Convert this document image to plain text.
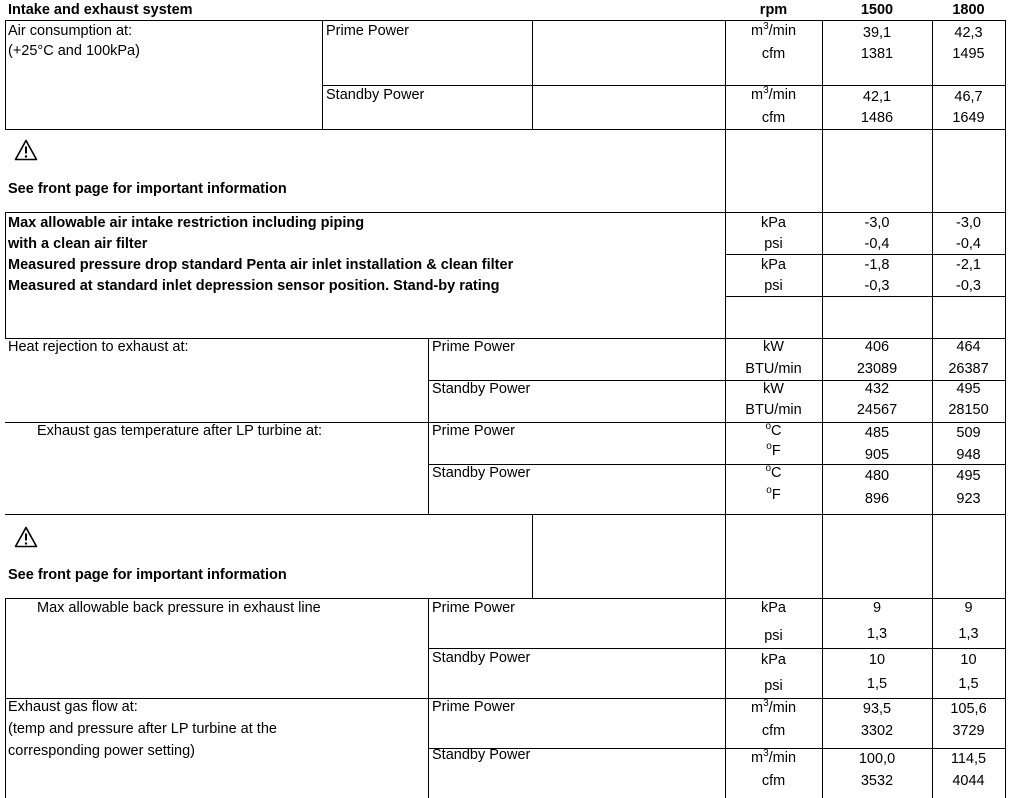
Intake and exhaust system	rpm	1500	1800
Air consumption at:
(+25°C and 100kPa)
Prime Power	$m^3/\min$	39,1	42,3
cfm	1381	1495
Standby Power	$m^3/\min$	42,1	46,7
cfm	1486	1649
See front page for important information
Max allowable air intake restriction including piping
with a clean air filter
kPa	-3,0	-3,0
psi	-0,4	-0,4
Measured pressure drop standard Penta air inlet installation & clean filter
Measured at standard inlet depression sensor position. Stand-by rating
kPa	-1,8	-2,1
psi	-0,3	-0,3
Heat rejection to exhaust at:	Prime Power	kW	406	464
BTU/min	23089	26387
Standby Power	kW	432	495
BTU/min	24567	28150
Exhaust gas temperature after LP turbine at:	Prime Power	$^o$C	485	509
$^o$F	905	948
Standby Power	$^o$C	480	495
$^o$F	896	923
See front page for important information
Max allowable back pressure in exhaust line	Prime Power	kPa	9	9
psi	1,3	1,3
Standby Power	kPa	10	10
psi	1,5	1,5
Exhaust gas flow at:
(temp and pressure after LP turbine at the
corresponding power setting)
Prime Power	$m^3/\min$	93,5	105,6
cfm	3302	3729
Standby Power	$m^3/\min$	100,0	114,5
cfm	3532	4044
